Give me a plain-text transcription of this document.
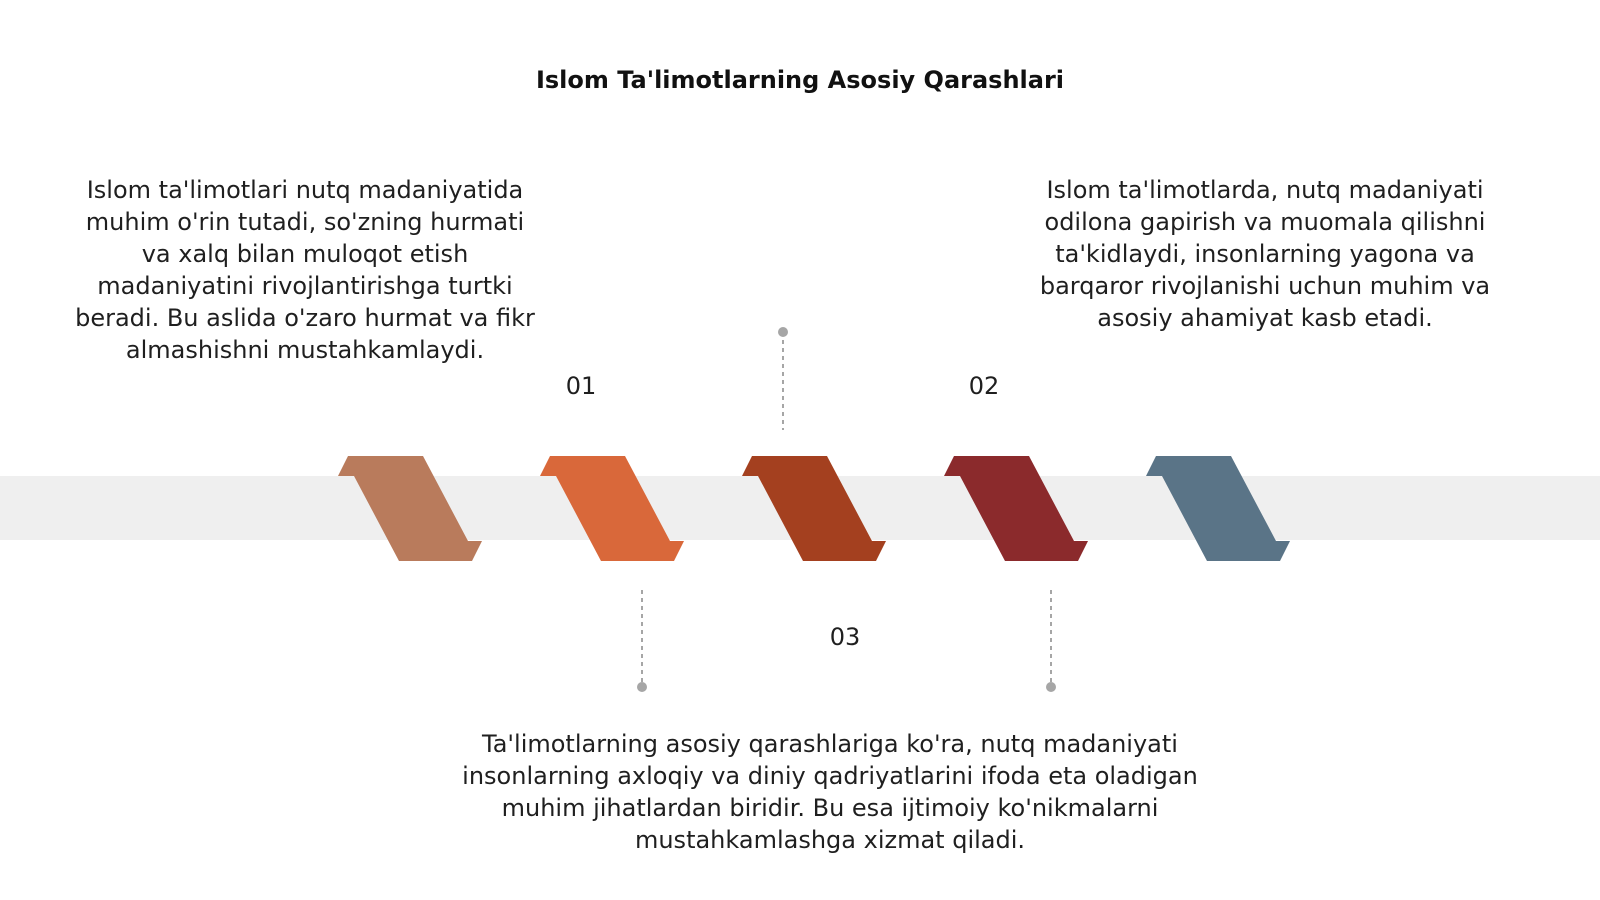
Islom Ta'limotlarning Asosiy Qarashlari
Islom ta'limotlari nutq madaniyatida muhim o'rin tutadi, so'zning hurmati va xalq bilan muloqot etish madaniyatini rivojlantirishga turtki beradi. Bu aslida o'zaro hurmat va fikr almashishni mustahkamlaydi.
Islom ta'limotlarda, nutq madaniyati odilona gapirish va muomala qilishni ta'kidlaydi, insonlarning yagona va barqaror rivojlanishi uchun muhim va asosiy ahamiyat kasb etadi.
Ta'limotlarning asosiy qarashlariga ko'ra, nutq madaniyati insonlarning axloqiy va diniy qadriyatlarini ifoda eta oladigan muhim jihatlardan biridir. Bu esa ijtimoiy ko'nikmalarni mustahkamlashga xizmat qiladi.
01	02
03
